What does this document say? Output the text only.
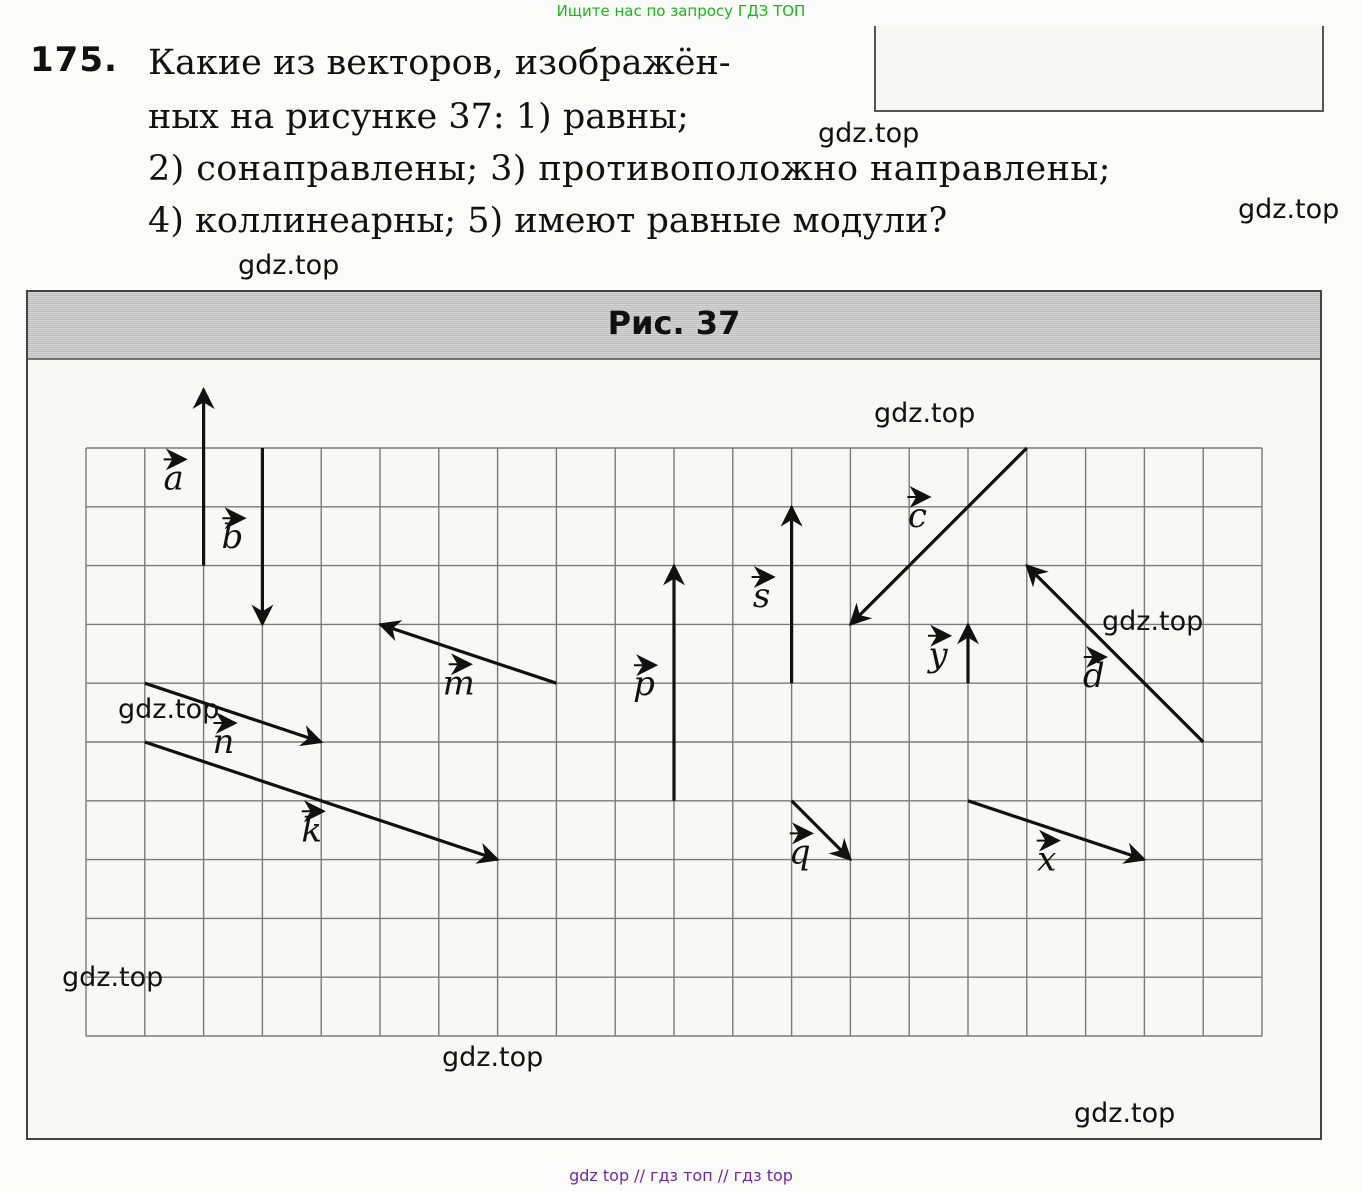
Ищите нас по запросу ГДЗ ТОП
175. Какие из векторов, изображён-
ных на рисунке 37: 1) равны;
2) сонаправлены; 3) противоположно направлены;
4) коллинеарны; 5) имеют равные модули?
Рис. 37
a
b
m
n
k
p
s
c
q
y
d
x
gdz.top
gdz.top
gdz.top
gdz.top
gdz.top
gdz.top
gdz.top
gdz.top
gdz.top
gdz top // гдз топ // гдз top
